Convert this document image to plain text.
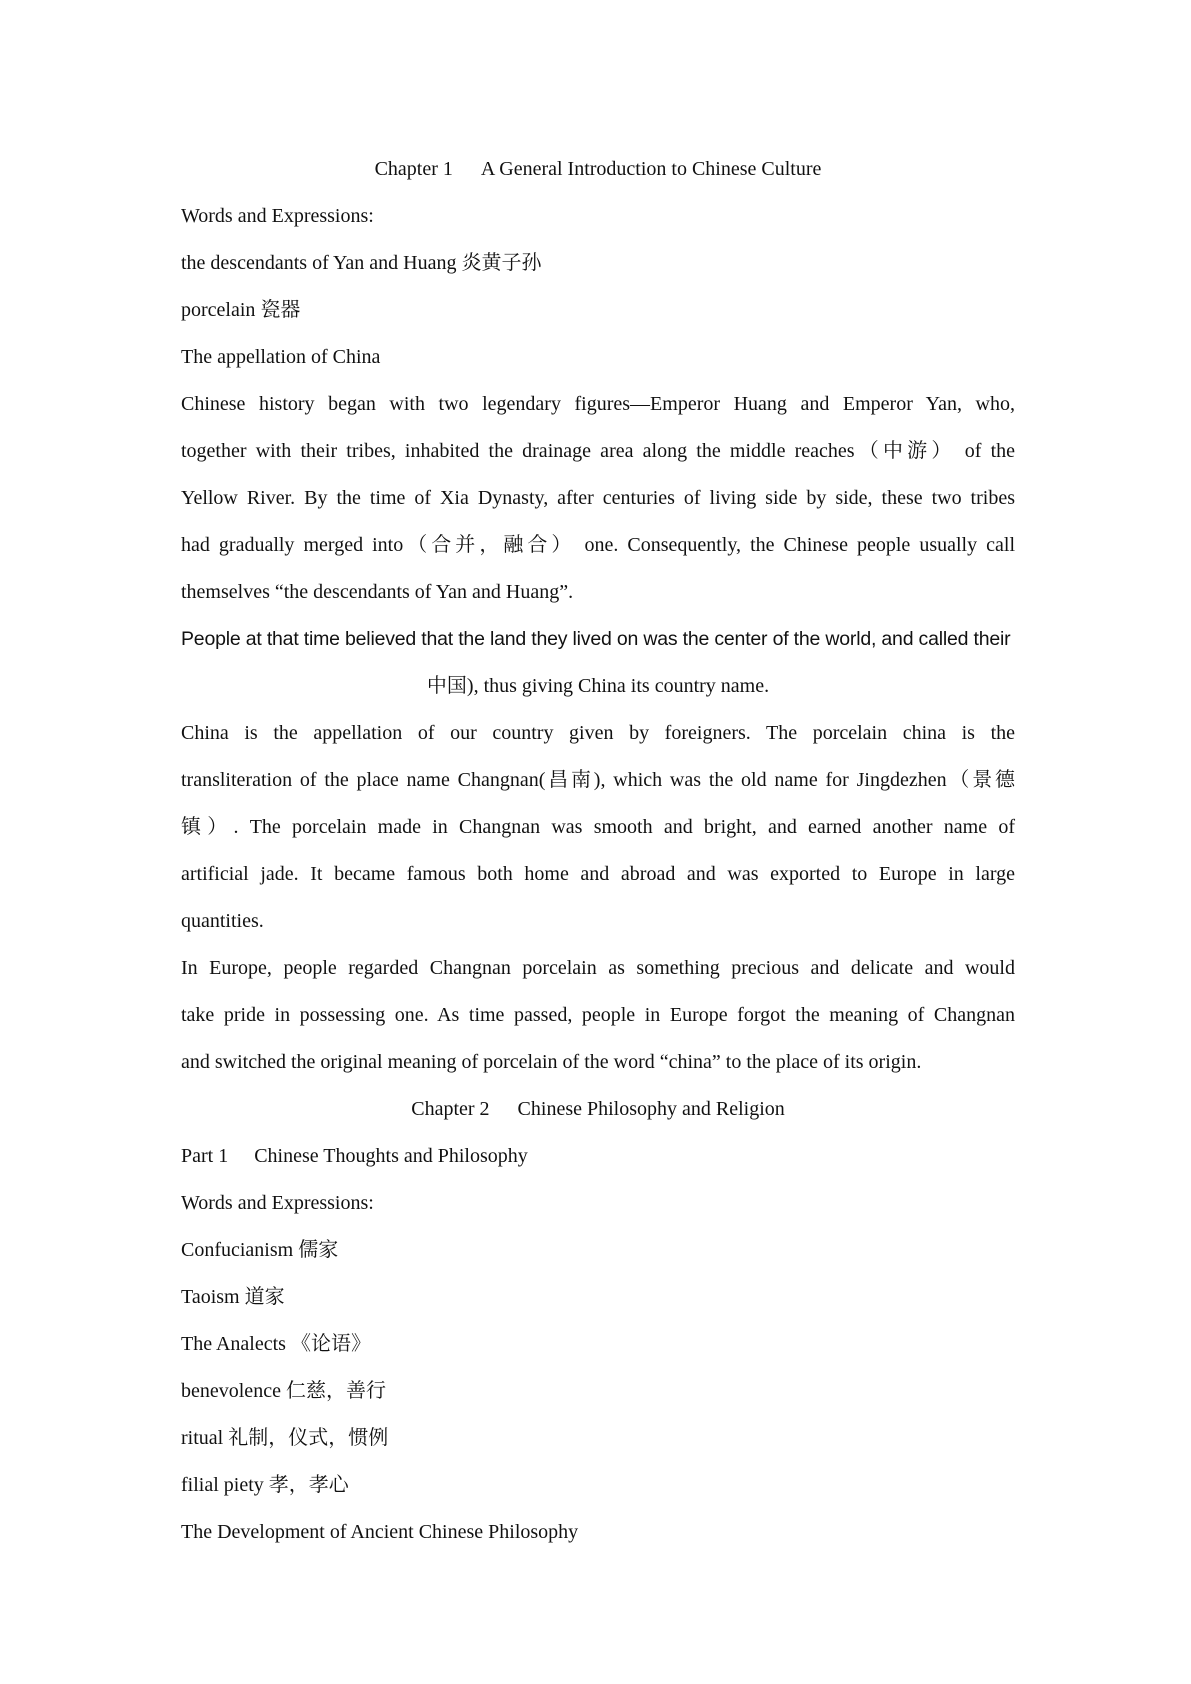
Chapter 1 A General Introduction to Chinese Culture
Words and Expressions:
the descendants of Yan and Huang 炎黄子孙
porcelain 瓷器
The appellation of China
Chinese history began with two legendary figures—Emperor Huang and Emperor Yan, who,
together with their tribes, inhabited the drainage area along the middle reaches（中游） of the
Yellow River. By the time of Xia Dynasty, after centuries of living side by side, these two tribes
had gradually merged into（合并，融合） one. Consequently, the Chinese people usually call
themselves “the descendants of Yan and Huang”.
People at that time believed that the land they lived on was the center of the world, and called their
中国), thus giving China its country name.
China is the appellation of our country given by foreigners. The porcelain china is the
transliteration of the place name Changnan(昌南), which was the old name for Jingdezhen（景德
镇）. The porcelain made in Changnan was smooth and bright, and earned another name of
artificial jade. It became famous both home and abroad and was exported to Europe in large
quantities.
In Europe, people regarded Changnan porcelain as something precious and delicate and would
take pride in possessing one. As time passed, people in Europe forgot the meaning of Changnan
and switched the original meaning of porcelain of the word “china” to the place of its origin.
Chapter 2 Chinese Philosophy and Religion
Part 1 Chinese Thoughts and Philosophy
Words and Expressions:
Confucianism 儒家
Taoism 道家
The Analects 《论语》
benevolence 仁慈，善行
ritual 礼制，仪式，惯例
filial piety 孝，孝心
The Development of Ancient Chinese Philosophy
